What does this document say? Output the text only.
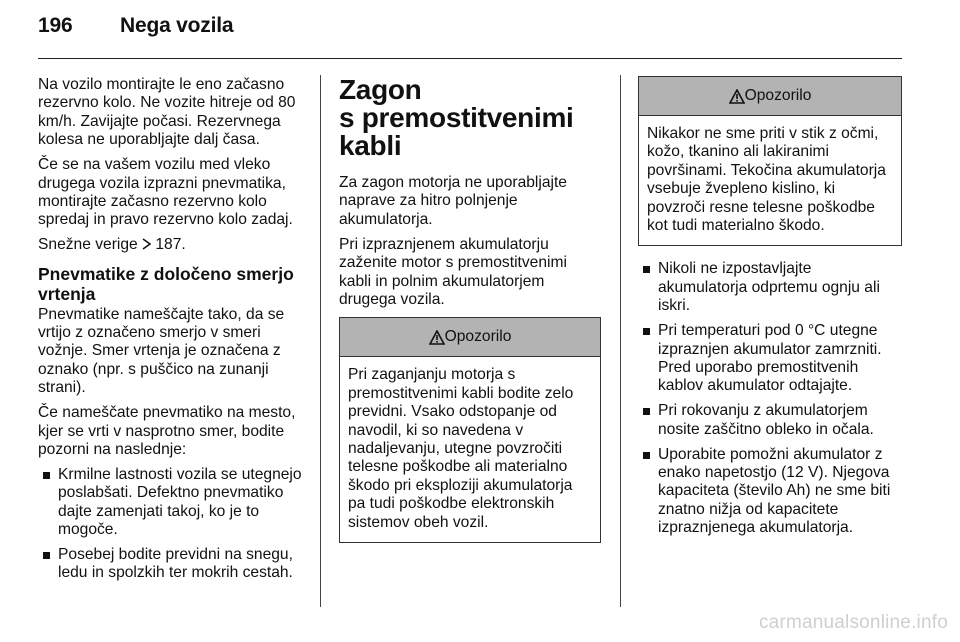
196 Nega vozila

Na vozilo montirajte le eno začasno rezervno kolo. Ne vozite hitreje od 80 km/h. Zavijajte počasi. Rezervnega kolesa ne uporabljajte dalj časa.

Če se na vašem vozilu med vleko drugega vozila izprazni pnevmatika, montirajte začasno rezervno kolo spredaj in pravo rezervno kolo zadaj.

Snežne verige  187.

Pnevmatike z določeno smerjo vrtenja

Pnevmatike nameščajte tako, da se vrtijo z označeno smerjo v smeri vožnje. Smer vrtenja je označena z oznako (npr. s puščico na zunanji strani).

Če nameščate pnevmatiko na mesto, kjer se vrti v nasprotno smer, bodite pozorni na naslednje:

Krmilne lastnosti vozila se utegnejo poslabšati. Defektno pnevmatiko dajte zamenjati takoj, ko je to mogoče.
Posebej bodite previdni na snegu, ledu in spolzkih ter mokrih cestah.
Zagon
s premostitvenimi kabli

Za zagon motorja ne uporabljajte naprave za hitro polnjenje akumulatorja.

Pri izpraznjenem akumulatorju zaženite motor s premostitvenimi kabli in polnim akumulatorjem drugega vozila.

Opozorilo
Pri zaganjanju motorja s premostitvenimi kabli bodite zelo previdni. Vsako odstopanje od navodil, ki so navedena v nadaljevanju, utegne povzročiti telesne poškodbe ali materialno škodo pri eksploziji akumulatorja pa tudi poškodbe elektronskih sistemov obeh vozil.
Opozorilo
Nikakor ne sme priti v stik z očmi, kožo, tkanino ali lakiranimi površinami. Tekočina akumulatorja vsebuje žvepleno kislino, ki povzroči resne telesne poškodbe kot tudi materialno škodo.
Nikoli ne izpostavljajte akumulatorja odprtemu ognju ali iskri.
Pri temperaturi pod 0 °C utegne izpraznjen akumulator zamrzniti. Pred uporabo premostitvenih kablov akumulator odtajajte.
Pri rokovanju z akumulatorjem nosite zaščitno obleko in očala.
Uporabite pomožni akumulator z enako napetostjo (12 V). Njegova kapaciteta (število Ah) ne sme biti znatno nižja od kapacitete izpraznjenega akumulatorja.
carmanualsonline.info
